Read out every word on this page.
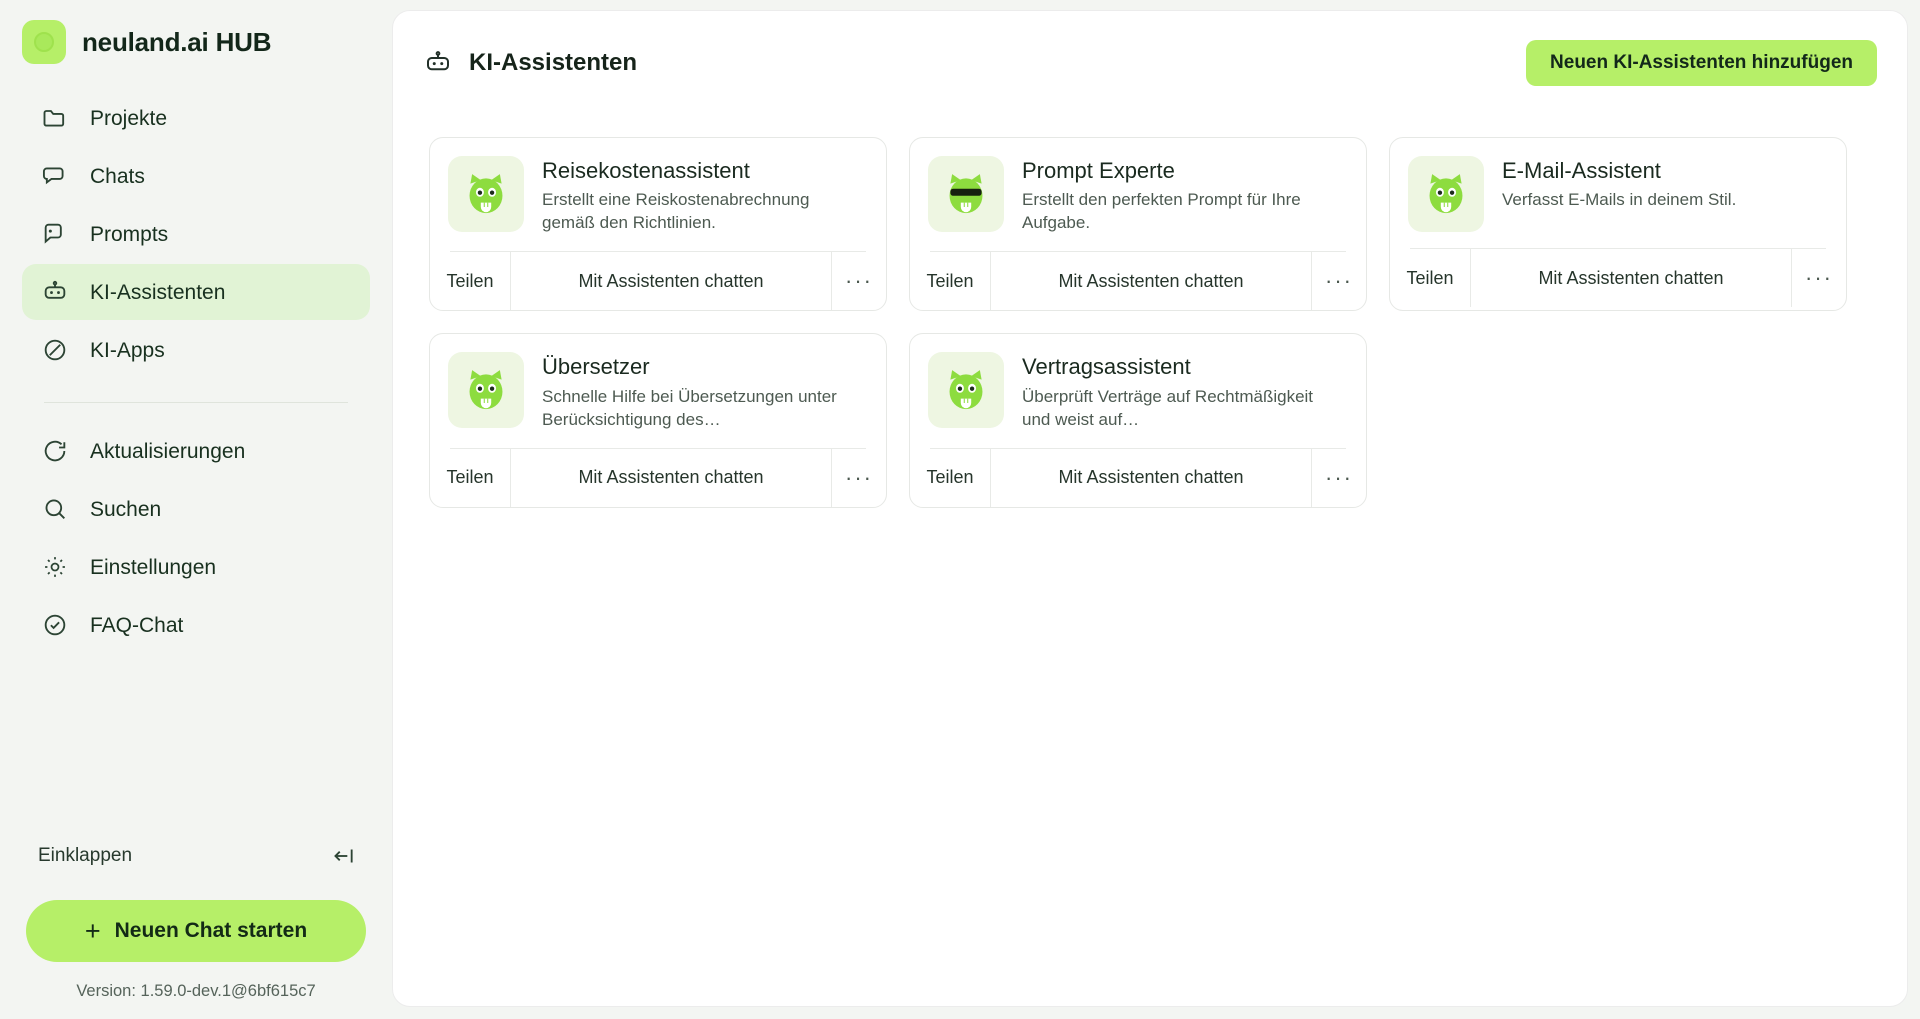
neuland.ai HUB
Projekte
Chats
Prompts
KI-Assistenten
KI-Apps
Aktualisierungen
Suchen
Einstellungen
FAQ-Chat
Einklappen
+ Neuen Chat starten
Version: 1.59.0-dev.1@6bf615c7
KI-Assistenten	Neuen KI-Assistenten hinzufügen
Reisekostenassistent
Erstellt eine Reiskostenabrechnung gemäß den Richtlinien.
Teilen	Mit Assistenten chatten	···
Prompt Experte
Erstellt den perfekten Prompt für Ihre Aufgabe.
Teilen	Mit Assistenten chatten	···
E-Mail-Assistent
Verfasst E-Mails in deinem Stil.
Teilen	Mit Assistenten chatten	···
Übersetzer
Schnelle Hilfe bei Übersetzungen unter Berücksichtigung des…
Teilen	Mit Assistenten chatten	···
Vertragsassistent
Überprüft Verträge auf Rechtmäßigkeit und weist auf…
Teilen	Mit Assistenten chatten	···
